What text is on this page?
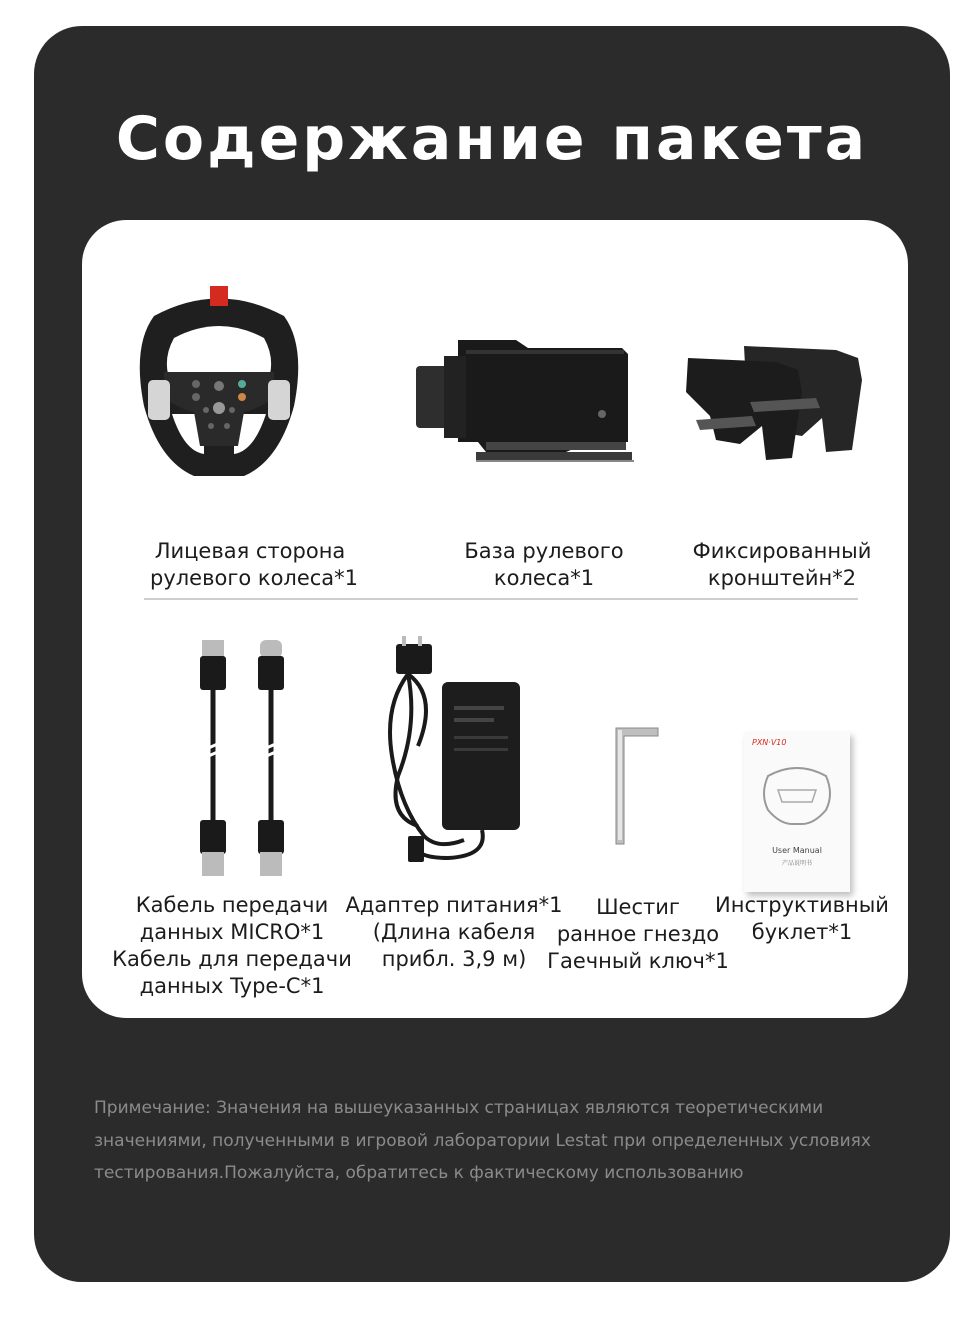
Содержание пакета
Лицевая сторона
рулевого колеса*1
База рулевого
колеса*1
Фиксированный
кронштейн*2
Кабель передачи
данных MICRO*1
Кабель для передачи
данных Type-C*1
Адаптер питания*1
(Длина кабеля
прибл. 3,9 м)
Шестиг
ранное гнездо
Гаечный ключ*1
PXN·V10
User Manual
产品说明书
Инструктивный
буклет*1
Примечание: Значения на вышеуказанных страницах являются теоретическими
значениями, полученными в игровой лаборатории Lestat при определенных условиях
тестирования.Пожалуйста, обратитесь к фактическому использованию
